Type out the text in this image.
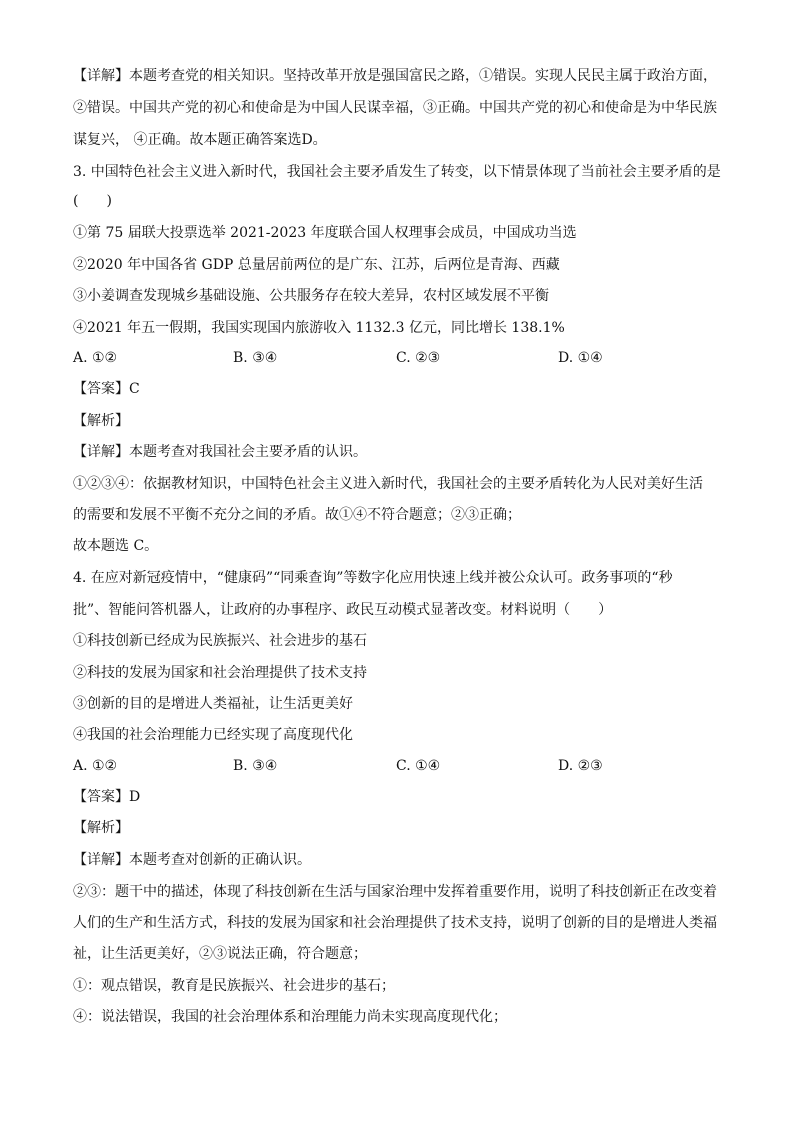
【详解】本题考查党的相关知识。坚持改革开放是强国富民之路，①错误。实现人民民主属于政治方面，
②错误。中国共产党的初心和使命是为中国人民谋幸福，③正确。中国共产党的初心和使命是为中华民族
谋复兴， ④正确。故本题正确答案选D。
3. 中国特色社会主义进入新时代，我国社会主要矛盾发生了转变，以下情景体现了当前社会主要矛盾的是
(　　)
①第 75 届联大投票选举 2021-2023 年度联合国人权理事会成员，中国成功当选
②2020 年中国各省 GDP 总量居前两位的是广东、江苏，后两位是青海、西藏
③小姜调查发现城乡基础设施、公共服务存在较大差异，农村区域发展不平衡
④2021 年五一假期，我国实现国内旅游收入 1132.3 亿元，同比增长 138.1%
A. ①②	B. ③④	C. ②③	D. ①④
【答案】C
【解析】
【详解】本题考查对我国社会主要矛盾的认识。
①②③④：依据教材知识，中国特色社会主义进入新时代，我国社会的主要矛盾转化为人民对美好生活
的需要和发展不平衡不充分之间的矛盾。故①④不符合题意；②③正确；
故本题选 C。
4. 在应对新冠疫情中，“健康码”“同乘查询”等数字化应用快速上线并被公众认可。政务事项的“秒
批”、智能问答机器人，让政府的办事程序、政民互动模式显著改变。材料说明（　　）
①科技创新已经成为民族振兴、社会进步的基石
②科技的发展为国家和社会治理提供了技术支持
③创新的目的是增进人类福祉，让生活更美好
④我国的社会治理能力已经实现了高度现代化
A. ①②	B. ③④	C. ①④	D. ②③
【答案】D
【解析】
【详解】本题考查对创新的正确认识。
②③：题干中的描述，体现了科技创新在生活与国家治理中发挥着重要作用，说明了科技创新正在改变着
人们的生产和生活方式，科技的发展为国家和社会治理提供了技术支持，说明了创新的目的是增进人类福
祉，让生活更美好，②③说法正确，符合题意；
①：观点错误，教育是民族振兴、社会进步的基石；
④：说法错误，我国的社会治理体系和治理能力尚未实现高度现代化；
